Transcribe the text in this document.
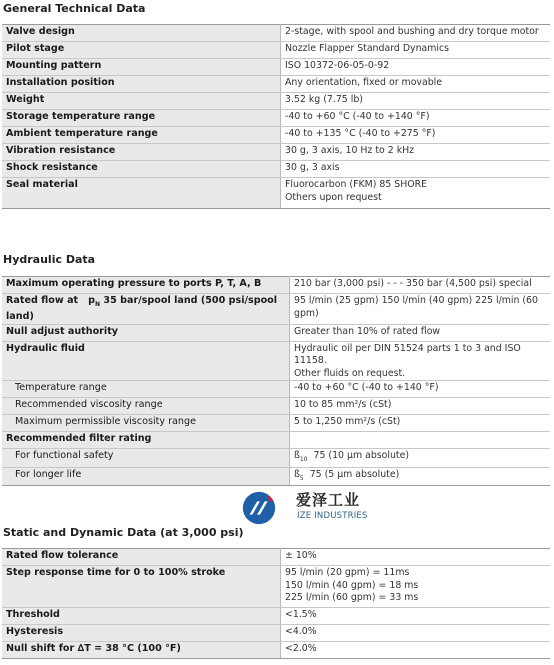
General Technical Data
Valve design	2-stage, with spool and bushing and dry torque motor
Pilot stage	Nozzle Flapper Standard Dynamics
Mounting pattern	ISO 10372-06-05-0-92
Installation position	Any orientation, fixed or movable
Weight	3.52 kg (7.75 lb)
Storage temperature range	-40 to +60 °C (-40 to +140 °F)
Ambient temperature range	-40 to +135 °C (-40 to +275 °F)
Vibration resistance	30 g, 3 axis, 10 Hz to 2 kHz
Shock resistance	30 g, 3 axis
Seal material	Fluorocarbon (FKM) 85 SHORE
Others upon request
Hydraulic Data
Maximum operating pressure to ports P, T, A, B	210 bar (3,000 psi) - - - 350 bar (4,500 psi) special
Rated flow at $p_N$ 35 bar/spool land (500 psi/spool land)	95 l/min (25 gpm) 150 l/min (40 gpm) 225 l/min (60 gpm)
Null adjust authority	Greater than 10% of rated flow
Hydraulic fluid	Hydraulic oil per DIN 51524 parts 1 to 3 and ISO 11158.
Other fluids on request.

Temperature range	-40 to +60 °C (-40 to +140 °F)
Recommended viscosity range	10 to 85 mm²/s (cSt)
Maximum permissible viscosity range	5 to 1,250 mm²/s (cSt)
Recommended filter rating	
For functional safety	$ß_{10}$ 75 (10 µm absolute)
For longer life	$ß_5$ 75 (5 µm absolute)
爱泽工业
IZE INDUSTRIES
Static and Dynamic Data (at 3,000 psi)
Rated flow tolerance	± 10%
Step response time for 0 to 100% stroke	95 l/min (20 gpm) = 11ms
150 l/min (40 gpm) = 18 ms
225 l/min (60 gpm) = 33 ms

Threshold	<1.5%
Hysteresis	<4.0%
Null shift for ∆T = 38 °C (100 °F)	<2.0%
